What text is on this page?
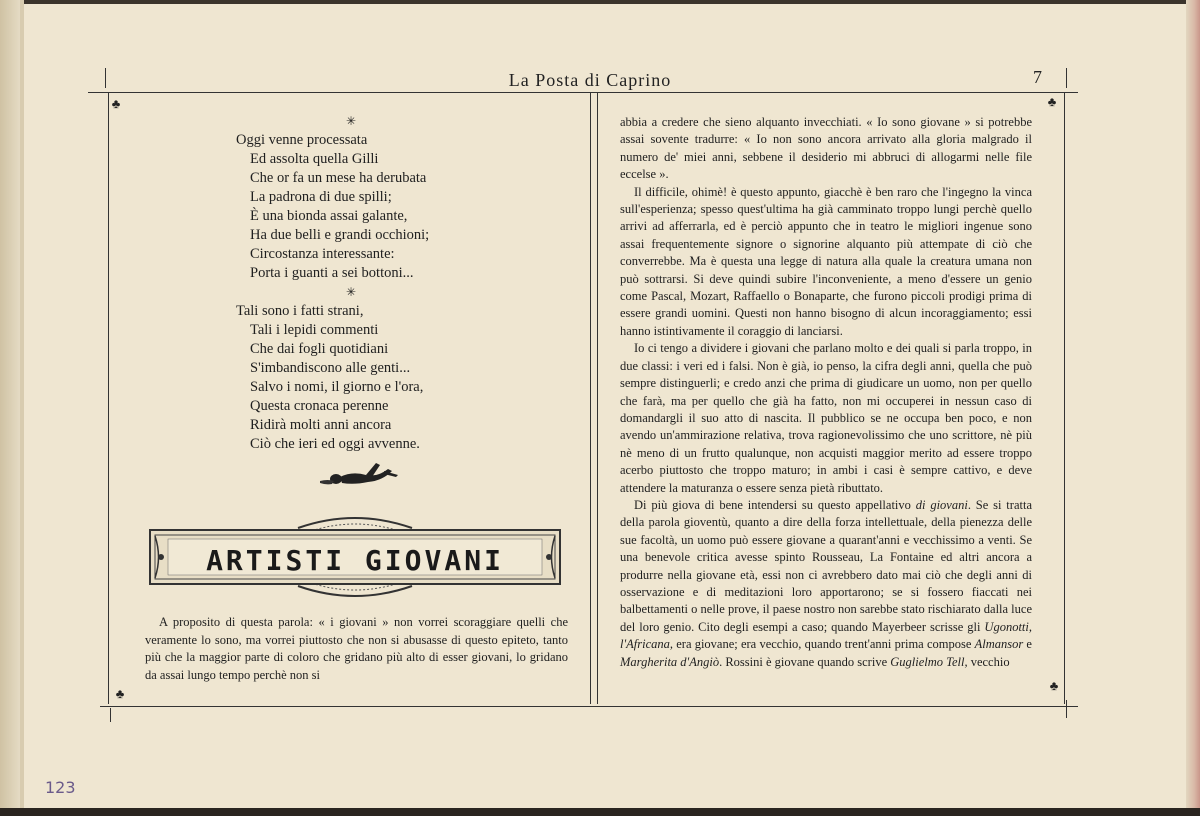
La Posta di Caprino	7
♣	♣
♣
♣
✳
Oggi venne processata
Ed assolta quella Gilli
Che or fa un mese ha derubata
La padrona di due spilli;
È una bionda assai galante,
Ha due belli e grandi occhioni;
Circostanza interessante:
Porta i guanti a sei bottoni...
✳
Tali sono i fatti strani,
Tali i lepidi commenti
Che dai fogli quotidiani
S'imbandiscono alle genti...
Salvo i nomi, il giorno e l'ora,
Questa cronaca perenne
Ridirà molti anni ancora
Ciò che ieri ed oggi avvenne.
ARTISTI GIOVANI
A proposito di questa parola: « i giovani » non vorrei scoraggiare quelli che veramente lo sono, ma vorrei piuttosto che non si abusasse di questo epiteto, tanto più che la maggior parte di coloro che gridano più alto di esser giovani, lo gridano da assai lungo tempo perchè non si

abbia a credere che sieno alquanto invecchiati. « Io sono giovane » si potrebbe assai sovente tradurre: « Io non sono ancora arrivato alla gloria malgrado il numero de' miei anni, sebbene il desiderio mi abbruci di allogarmi nelle file eccelse ».

Il difficile, ohimè! è questo appunto, giacchè è ben raro che l'ingegno la vinca sull'esperienza; spesso quest'ultima ha già camminato troppo lungi perchè quello arrivi ad afferrarla, ed è perciò appunto che in teatro le migliori ingenue sono assai frequentemente signore o signorine alquanto più attempate di ciò che converrebbe. Ma è questa una legge di natura alla quale la creatura umana non può sottrarsi. Si deve quindi subire l'inconveniente, a meno d'essere un genio come Pascal, Mozart, Raffaello o Bonaparte, che furono piccoli prodigi prima di essere grandi uomini. Questi non hanno bisogno di alcun incoraggiamento; essi hanno istintivamente il coraggio di lanciarsi.

Io ci tengo a dividere i giovani che parlano molto e dei quali si parla troppo, in due classi: i veri ed i falsi. Non è già, io penso, la cifra degli anni, quella che può sempre distinguerli; e credo anzi che prima di giudicare un uomo, non per quello che farà, ma per quello che già ha fatto, non mi occuperei in nessun caso di domandargli il suo atto di nascita. Il pubblico se ne occupa ben poco, e non avendo un'ammirazione relativa, trova ragionevolissimo che uno scrittore, nè più nè meno di un frutto qualunque, non acquisti maggior merito ad essere troppo acerbo piuttosto che troppo maturo; in ambi i casi è sempre cattivo, e deve attendere la maturanza o essere senza pietà ributtato.

Di più giova di bene intendersi su questo appellativo di giovani. Se si tratta della parola gioventù, quanto a dire della forza intellettuale, della pienezza delle sue facoltà, un uomo può essere giovane a quarant'anni e vecchissimo a venti. Se una benevole critica avesse spinto Rousseau, La Fontaine ed altri ancora a produrre nella giovane età, essi non ci avrebbero dato mai ciò che degli anni di osservazione e di meditazioni loro apportarono; se si fossero fiaccati nei balbettamenti o nelle prove, il paese nostro non sarebbe stato rischiarato dalla luce del loro genio. Cito degli esempi a caso; quando Mayerbeer scrisse gli Ugonotti, l'Africana, era giovane; era vecchio, quando trent'anni prima compose Almansor e Margherita d'Angiò. Rossini è giovane quando scrive Guglielmo Tell, vecchio

123
